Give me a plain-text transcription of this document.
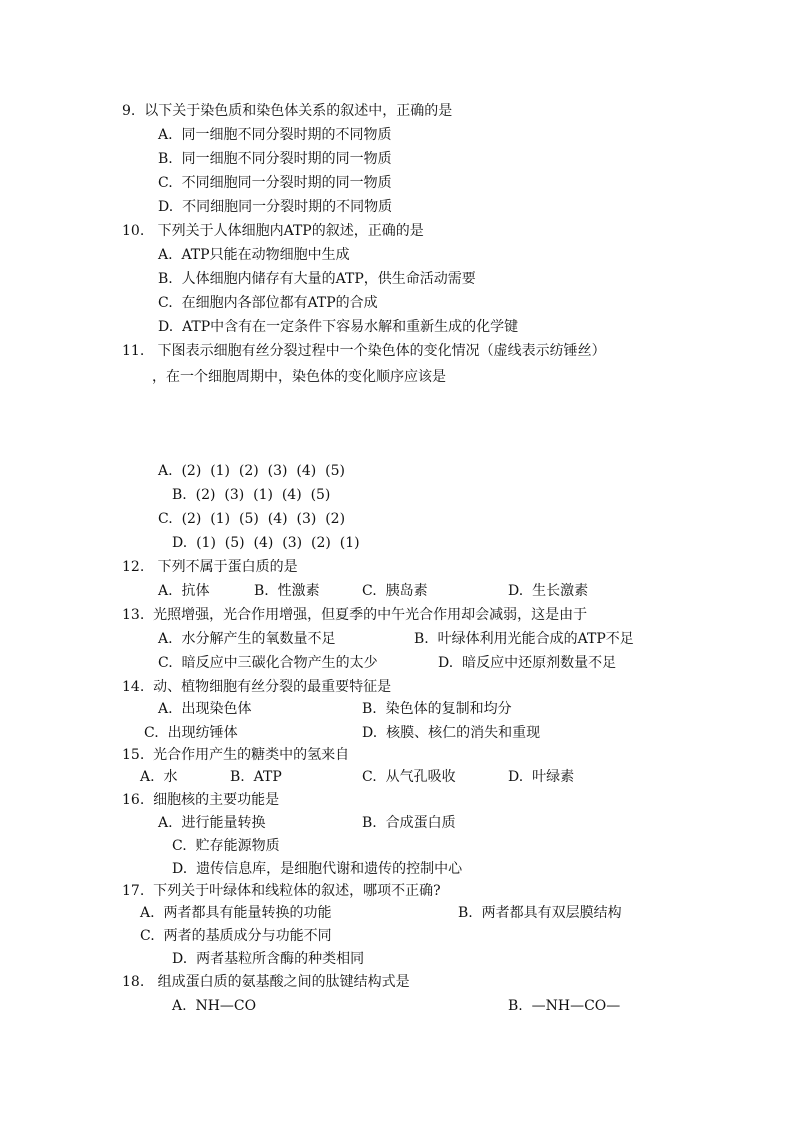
9.  以下关于染色质和染色体关系的叙述中，正确的是
A.  同一细胞不同分裂时期的不同物质
B.  同一细胞不同分裂时期的同一物质
C.  不同细胞同一分裂时期的同一物质
D.  不同细胞同一分裂时期的不同物质
10.   下列关于人体细胞内ATP的叙述，正确的是
A.  ATP只能在动物细胞中生成
B.  人体细胞内储存有大量的ATP，供生命活动需要
C.  在细胞内各部位都有ATP的合成
D.  ATP中含有在一定条件下容易水解和重新生成的化学键
11.   下图表示细胞有丝分裂过程中一个染色体的变化情况（虚线表示纺锤丝）
，在一个细胞周期中，染色体的变化顺序应该是
A.  (2)  (1)  (2)  (3)  (4)  (5)
B.  (2)  (3)  (1)  (4)  (5)
C.  (2)  (1)  (5)  (4)  (3)  (2)
D.  (1)  (5)  (4)  (3)  (2)  (1)
12.   下列不属于蛋白质的是
A.  抗体	B.  性激素	C.  胰岛素	D.  生长激素
13.  光照增强，光合作用增强，但夏季的中午光合作用却会减弱，这是由于
A.  水分解产生的氧数量不足	B.  叶绿体利用光能合成的ATP不足
C.  暗反应中三碳化合物产生的太少	D.  暗反应中还原剂数量不足
14.  动、植物细胞有丝分裂的最重要特征是
A.  出现染色体	B.  染色体的复制和均分
C.  出现纺锤体	D.  核膜、核仁的消失和重现
15.  光合作用产生的糖类中的氢来自
A.  水	B.  ATP	C.  从气孔吸收	D.  叶绿素
16.  细胞核的主要功能是
A.  进行能量转换	B.  合成蛋白质
C.  贮存能源物质
D.  遗传信息库，是细胞代谢和遗传的控制中心
17.  下列关于叶绿体和线粒体的叙述，哪项不正确?
A.  两者都具有能量转换的功能	B.  两者都具有双层膜结构
C.  两者的基质成分与功能不同
D.  两者基粒所含酶的种类相同
18.   组成蛋白质的氨基酸之间的肽键结构式是
A.  NH—CO	B.  —NH—CO—
